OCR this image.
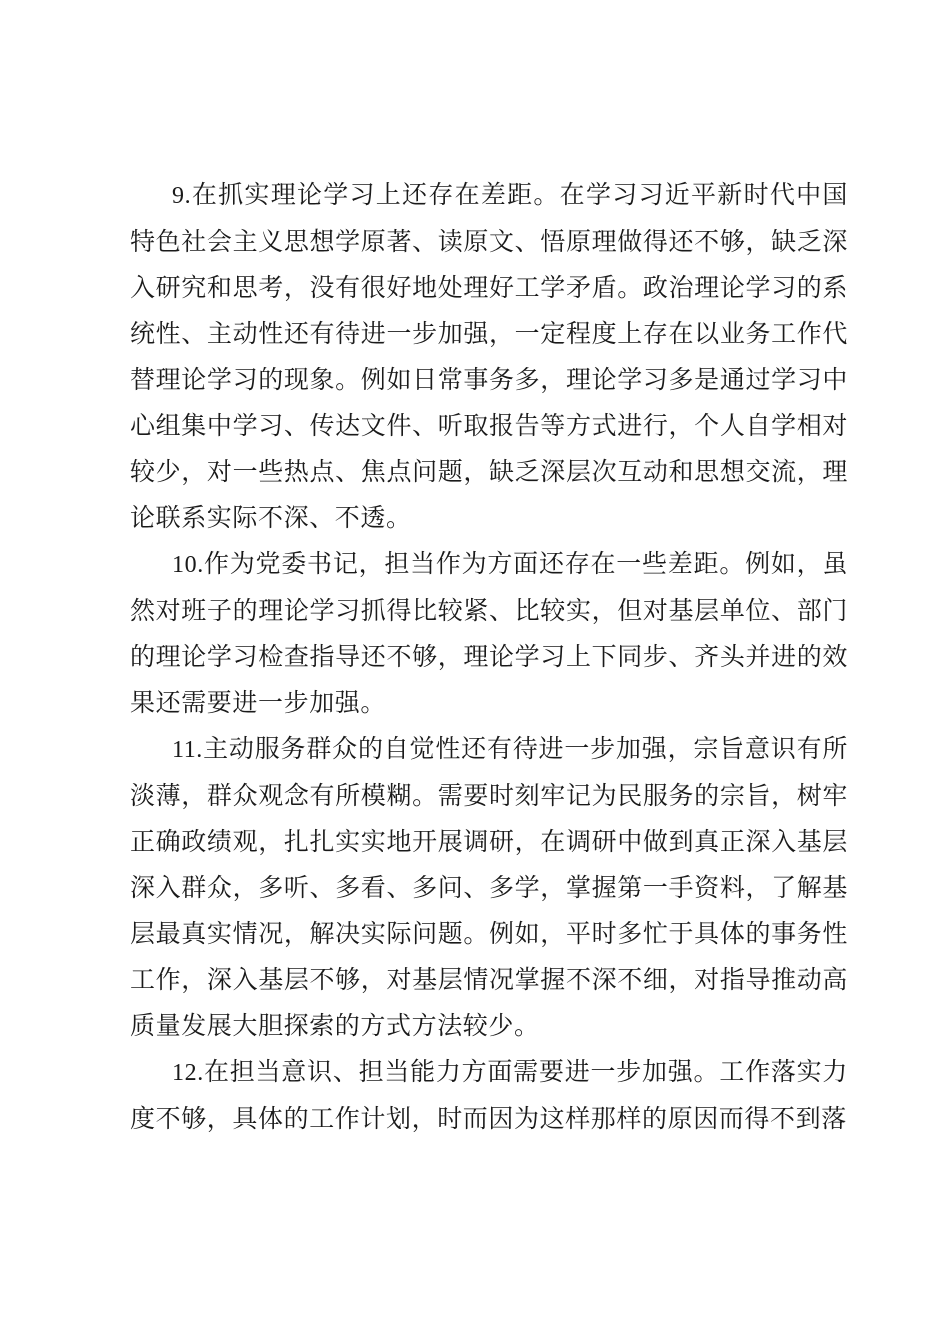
9.在抓实理论学习上还存在差距。在学习习近平新时代中国特色社会主义思想学原著、读原文、悟原理做得还不够，缺乏深入研究和思考，没有很好地处理好工学矛盾。政治理论学习的系统性、主动性还有待进一步加强，一定程度上存在以业务工作代替理论学习的现象。例如日常事务多，理论学习多是通过学习中心组集中学习、传达文件、听取报告等方式进行，个人自学相对较少，对一些热点、焦点问题，缺乏深层次互动和思想交流，理论联系实际不深、不透。

10.作为党委书记，担当作为方面还存在一些差距。例如，虽然对班子的理论学习抓得比较紧、比较实，但对基层单位、部门的理论学习检查指导还不够，理论学习上下同步、齐头并进的效果还需要进一步加强。

11.主动服务群众的自觉性还有待进一步加强，宗旨意识有所淡薄，群众观念有所模糊。需要时刻牢记为民服务的宗旨，树牢正确政绩观，扎扎实实地开展调研，在调研中做到真正深入基层深入群众，多听、多看、多问、多学，掌握第一手资料，了解基层最真实情况，解决实际问题。例如，平时多忙于具体的事务性工作，深入基层不够，对基层情况掌握不深不细，对指导推动高质量发展大胆探索的方式方法较少。

12.在担当意识、担当能力方面需要进一步加强。工作落实力度不够，具体的工作计划，时而因为这样那样的原因而得不到落
